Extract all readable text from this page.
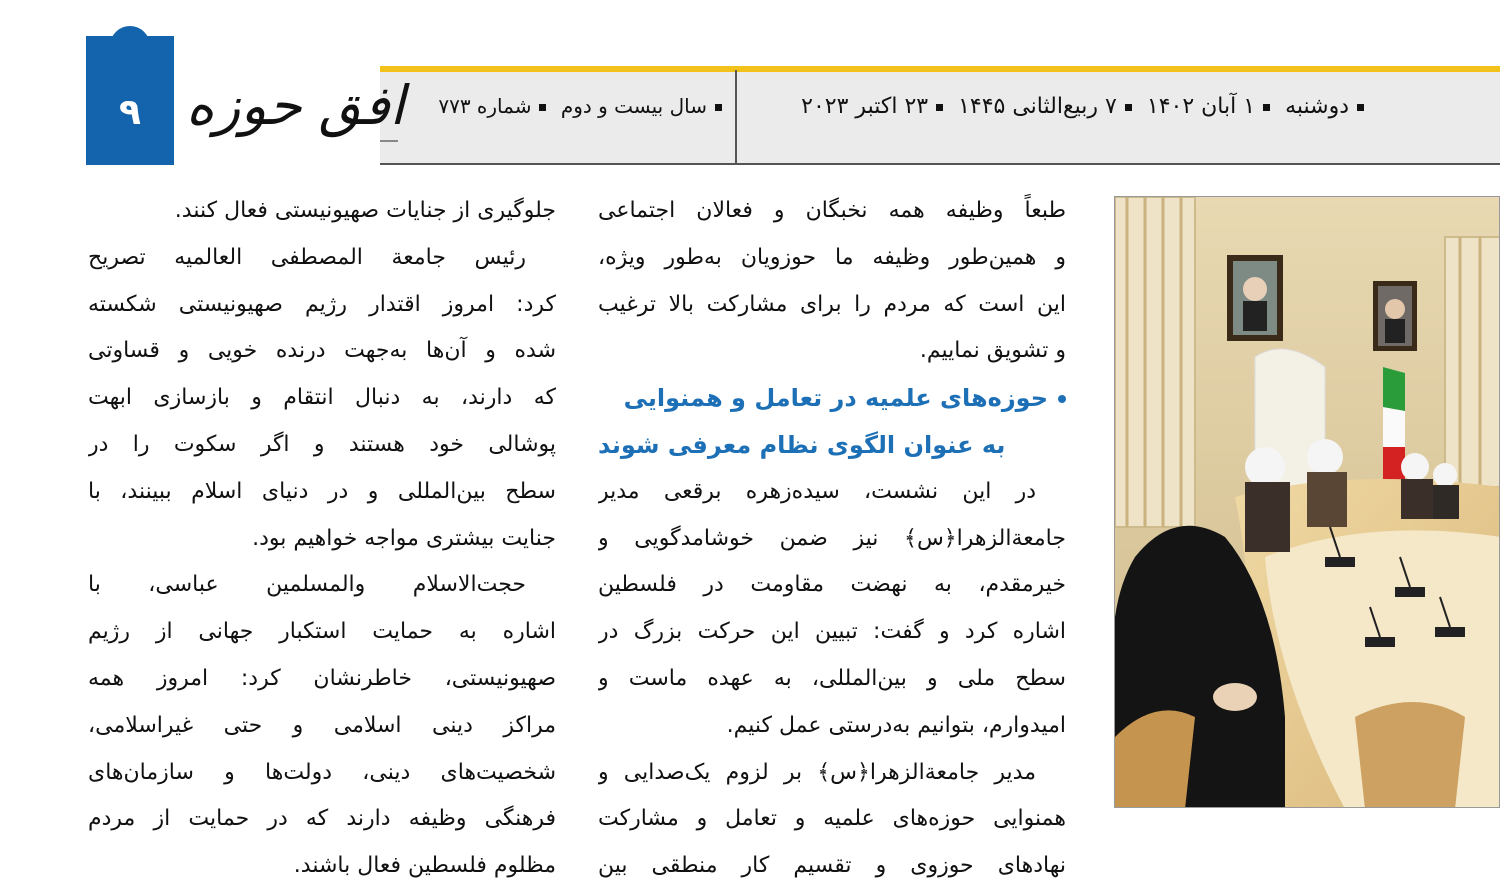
۹ افق حوزه	دوشنبه ۱ آبان ۱۴۰۲ ۷ ربیع‌الثانی ۱۴۴۵ ۲۳ اکتبر ۲۰۲۳
سال بیست و دوم شماره ۷۷۳

طبعاً وظیفه همه نخبگان و فعالان اجتماعی

و همین‌طور وظیفه ما حوزویان به‌طور ویژه،

این است که مردم را برای مشارکت بالا ترغیب

و تشویق نماییم.

حوزه‌های علمیه در تعامل و همنوایی

به عنوان الگوی نظام معرفی شوند

در این نشست، سیده‌زهره برقعی مدیر

جامعة‌الزهرا﴿س﴾ نیز ضمن خوشامدگویی و

خیرمقدم، به نهضت مقاومت در فلسطین

اشاره کرد و گفت: تبیین این حرکت بزرگ در

سطح ملی و بین‌المللی، به عهده ماست و

امیدوارم، بتوانیم به‌درستی عمل کنیم.

مدیر جامعة‌الزهرا﴿س﴾ بر لزوم یک‌صدایی و

همنوایی حوزه‌های علمیه و تعامل و مشارکت

نهادهای حوزوی و تقسیم کار منطقی بین

جلوگیری از جنایات صهیونیستی فعال کنند.

رئیس جامعة المصطفی العالمیه تصریح

کرد: امروز اقتدار رژیم صهیونیستی شکسته

شده و آن‌ها به‌جهت درنده خویی و قساوتی

که دارند، به دنبال انتقام و بازسازی ابهت

پوشالی خود هستند و اگر سکوت را در

سطح بین‌المللی و در دنیای اسلام ببینند، با

جنایت بیشتری مواجه خواهیم بود.

حجت‌الاسلام والمسلمین عباسی، با

اشاره به حمایت استکبار جهانی از رژیم

صهیونیستی، خاطرنشان کرد: امروز همه

مراکز دینی اسلامی و حتی غیراسلامی،

شخصیت‌های دینی، دولت‌ها و سازمان‌های

فرهنگی وظیفه دارند که در حمایت از مردم

مظلوم فلسطین فعال باشند.
